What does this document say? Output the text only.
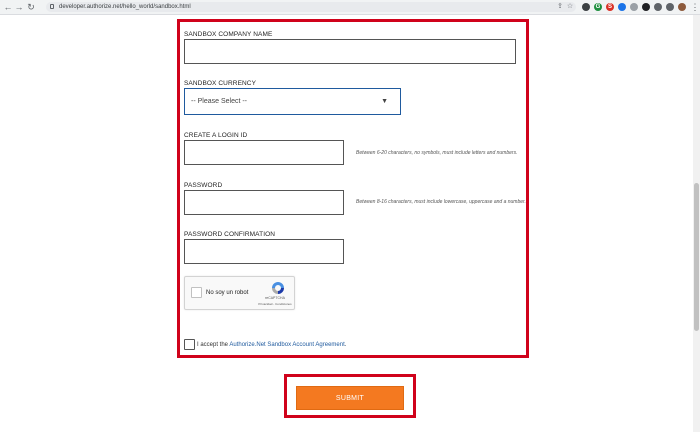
← → ↻	developer.authorize.net/hello_world/sandbox.html	⇪ ☆	G	S	⋮
SANDBOX COMPANY NAME
SANDBOX CURRENCY
-- Please Select --	▼
CREATE A LOGIN ID
Between 6-20 characters, no symbols, must include letters and numbers.
PASSWORD
Between 8-16 characters, must include lowercase, uppercase and a number.
PASSWORD CONFIRMATION
No soy un robot
reCAPTCHA
Privacidad - Condiciones
I accept the Authorize.Net Sandbox Account Agreement.
SUBMIT
